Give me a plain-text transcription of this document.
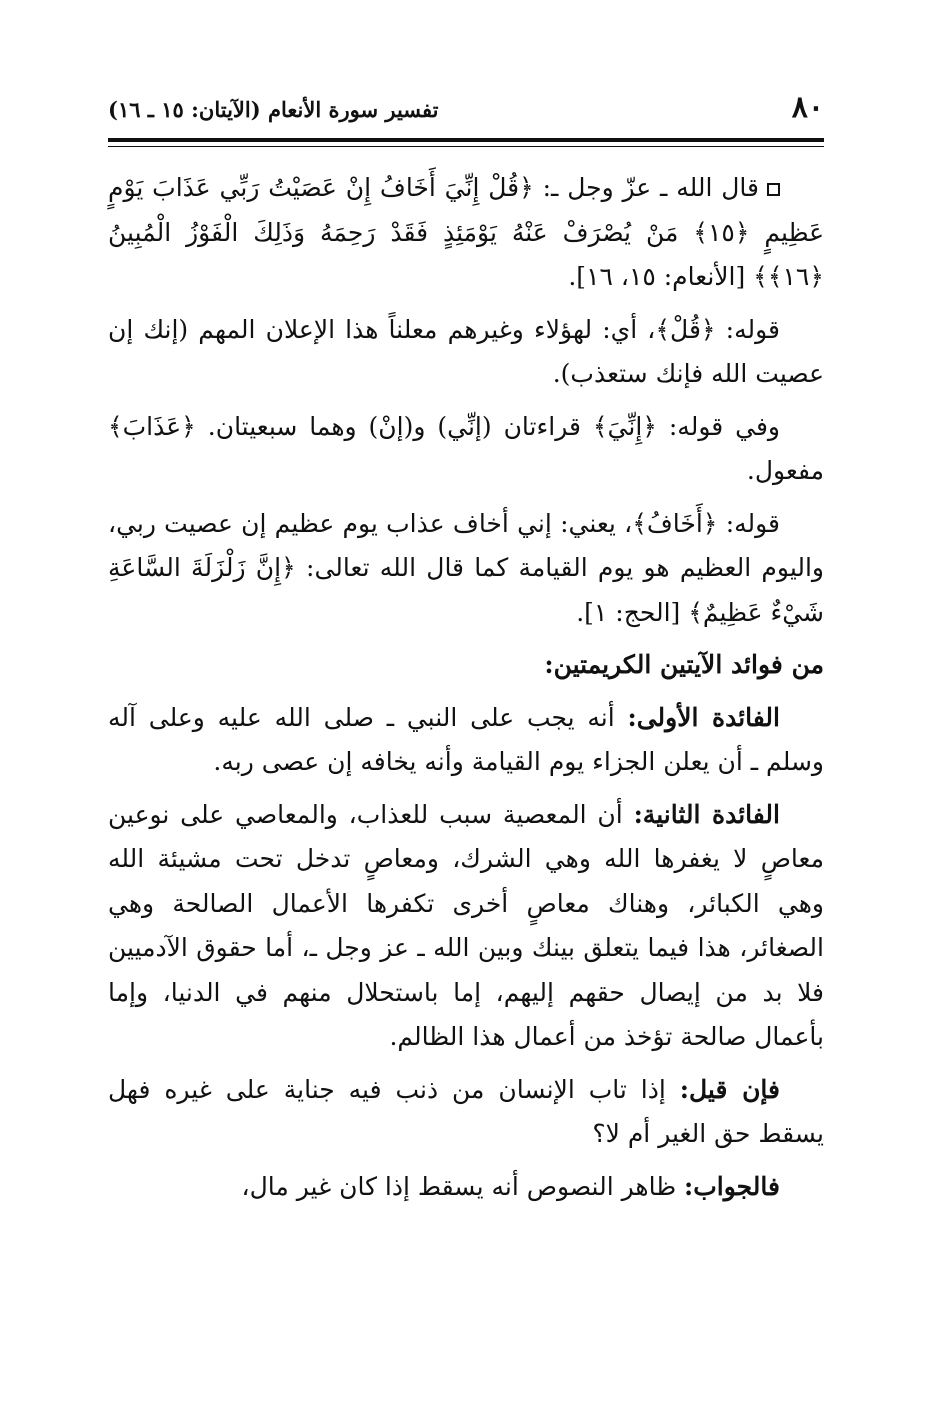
٨٠
تفسير سورة الأنعام (الآيتان: ١٥ ـ ١٦)

قال الله ـ عزّ وجل ـ: ﴿قُلْ إِنِّيَ أَخَافُ إِنْ عَصَيْتُ رَبِّي عَذَابَ يَوْمٍ عَظِيمٍ ﴿١٥﴾ مَنْ يُصْرَفْ عَنْهُ يَوْمَئِذٍ فَقَدْ رَحِمَهُ وَذَلِكَ الْفَوْزُ الْمُبِينُ ﴿١٦﴾﴾ [الأنعام: ١٥، ١٦].

قوله: ﴿قُلْ﴾، أي: لهؤلاء وغيرهم معلناً هذا الإعلان المهم (إنك إن عصيت الله فإنك ستعذب).

وفي قوله: ﴿إِنِّيَ﴾ قراءتان (إنِّي) و(إنْ) وهما سبعيتان. ﴿عَذَابَ﴾ مفعول.

قوله: ﴿أَخَافُ﴾، يعني: إني أخاف عذاب يوم عظيم إن عصيت ربي، واليوم العظيم هو يوم القيامة كما قال الله تعالى: ﴿إِنَّ زَلْزَلَةَ السَّاعَةِ شَيْءٌ عَظِيمٌ﴾ [الحج: ١].

من فوائد الآيتين الكريمتين:

الفائدة الأولى: أنه يجب على النبي ـ صلى الله عليه وعلى آله وسلم ـ أن يعلن الجزاء يوم القيامة وأنه يخافه إن عصى ربه.

الفائدة الثانية: أن المعصية سبب للعذاب، والمعاصي على نوعين معاصٍ لا يغفرها الله وهي الشرك، ومعاصٍ تدخل تحت مشيئة الله وهي الكبائر، وهناك معاصٍ أخرى تكفرها الأعمال الصالحة وهي الصغائر، هذا فيما يتعلق بينك وبين الله ـ عز وجل ـ، أما حقوق الآدميين فلا بد من إيصال حقهم إليهم، إما باستحلال منهم في الدنيا، وإما بأعمال صالحة تؤخذ من أعمال هذا الظالم.

فإن قيل: إذا تاب الإنسان من ذنب فيه جناية على غيره فهل يسقط حق الغير أم لا؟

فالجواب: ظاهر النصوص أنه يسقط إذا كان غير مال،
